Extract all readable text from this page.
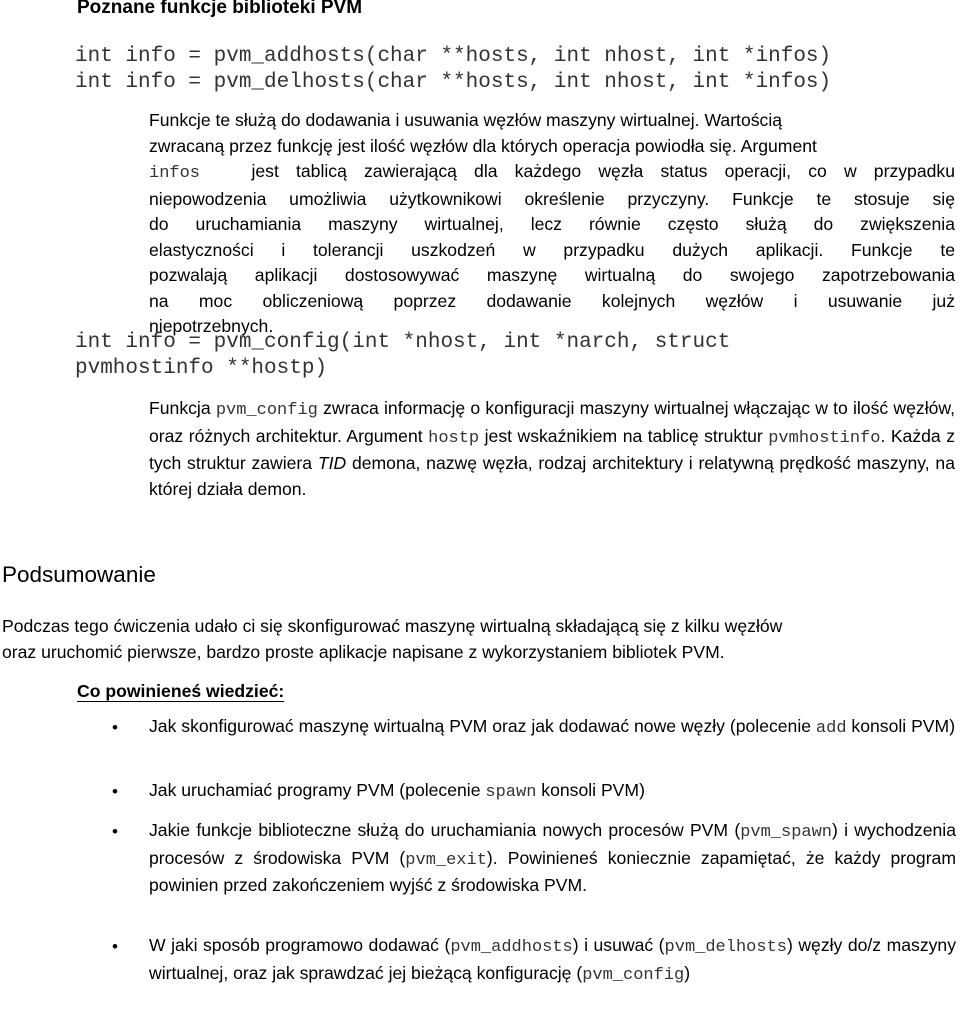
Poznane funkcje biblioteki PVM
int info = pvm_addhosts(char **hosts, int nhost, int *infos)
int info = pvm_delhosts(char **hosts, int nhost, int *infos)
Funkcje te służą do dodawania i usuwania węzłów maszyny wirtualnej. Wartością
zwracaną przez funkcję jest ilość węzłów dla których operacja powiodła się. Argument
infos	jest tablicą zawierającą dla każdego węzła status operacji, co w przypadku
niepowodzenia umożliwia użytkownikowi określenie przyczyny. Funkcje te stosuje się
do uruchamiania maszyny wirtualnej, lecz równie często służą do zwiększenia
elastyczności i tolerancji uszkodzeń w przypadku dużych aplikacji. Funkcje te
pozwalają aplikacji dostosowywać maszynę wirtualną do swojego zapotrzebowania
na moc obliczeniową poprzez dodawanie kolejnych węzłów i usuwanie już
niepotrzebnych.
int info = pvm_config(int *nhost, int *narch, struct
pvmhostinfo **hostp)
Funkcja pvm_config zwraca informację o konfiguracji maszyny wirtualnej włączając w to ilość węzłów, oraz różnych architektur. Argument hostp jest wskaźnikiem na tablicę struktur pvmhostinfo. Każda z tych struktur zawiera TID demona, nazwę węzła, rodzaj architektury i relatywną prędkość maszyny, na której działa demon.
Podsumowanie
Podczas tego ćwiczenia udało ci się skonfigurować maszynę wirtualną składającą się z kilku węzłów
oraz uruchomić pierwsze, bardzo proste aplikacje napisane z wykorzystaniem bibliotek PVM.
Co powinieneś wiedzieć:
• Jak skonfigurować maszynę wirtualną PVM oraz jak dodawać nowe węzły (polecenie add konsoli PVM)
• Jak uruchamiać programy PVM (polecenie spawn konsoli PVM)
• Jakie funkcje biblioteczne służą do uruchamiania nowych procesów PVM (pvm_spawn) i wychodzenia procesów z środowiska PVM (pvm_exit). Powinieneś koniecznie zapamiętać, że każdy program powinien przed zakończeniem wyjść z środowiska PVM.
• W jaki sposób programowo dodawać (pvm_addhosts) i usuwać (pvm_delhosts) węzły do/z maszyny wirtualnej, oraz jak sprawdzać jej bieżącą konfigurację (pvm_config)
